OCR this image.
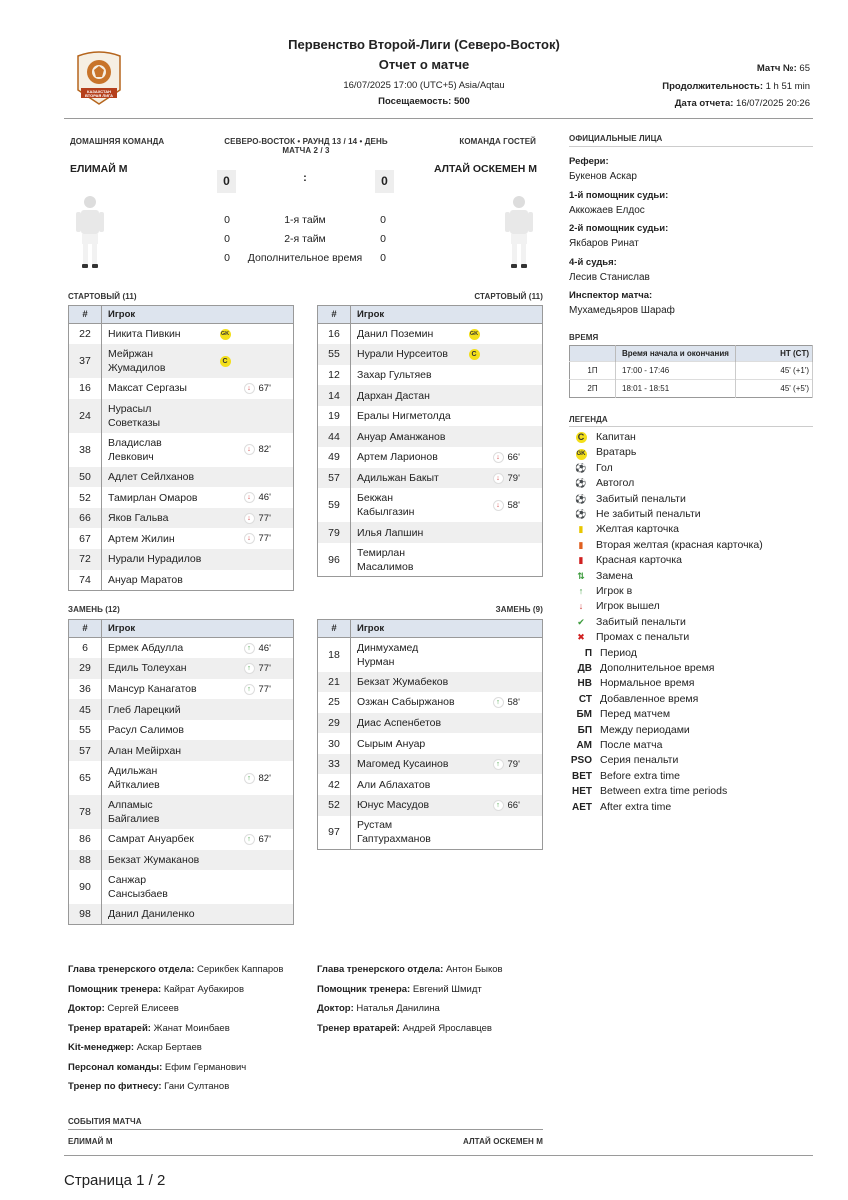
КАЗАХСТАН ВТОРАЯ ЛИГА
Первенство Второй-Лиги (Северо-Восток)
Отчет о матче
16/07/2025 17:00 (UTC+5) Asia/Aqtau
Посещаемость: 500
Матч №: 65
Продолжительность: 1 h 51 min
Дата отчета: 16/07/2025 20:26
ДОМАШНЯЯ КОМАНДА	СЕВЕРО-ВОСТОК • РАУНД 13 / 14 • ДЕНЬ МАТЧА 2 / 3
КОМАНДА ГОСТЕЙ
ЕЛИМАЙ М	АЛТАЙ ОСКЕМЕН М
0	:	0
0	1-я тайм	0
0	2-я тайм	0
0	Дополнительное время	0
СТАРТОВЫЙ (11)	СТАРТОВЫЙ (11)
ЗАМЕНЬ (12)	ЗАМЕНЬ (9)
#	Игрок		
22	Никита Пивкин	GK	
37	Мейржан Жумадилов	C	
16	Максат Сергазы		↓ 67'
24	Нурасыл Советказы		

38	Владислав Левкович		↓ 82'
50	Адлет Сейлханов		
52	Тамирлан Омаров		↓ 46'
66	Яков Гальва		↓ 77'
67	Артем Жилин		↓ 77'
72	Нурали Нурадилов		
74	Ануар Маратов		
#	Игрок		
16	Данил Поземин	GK	
55	Нурали Нурсеитов	C	
12	Захар Гультяев		
14	Дархан Дастан		
19	Ералы Нигметолда		
44	Ануар Аманжанов		
49	Артем Ларионов		↓ 66'
57	Адильжан Бакыт		↓ 79'
59	Бекжан Кабылгазин		↓ 58'
79	Илья Лапшин		
96	Темирлан Масалимов		

#	Игрок		
6	Ермек Абдулла		↑ 46'
29	Едиль Толеухан		↑ 77'
36	Мансур Канагатов		↑ 77'
45	Глеб Ларецкий		
55	Расул Салимов		
57	Алан Мейірхан		
65	Адильжан Айткалиев		↑ 82'
78	Алпамыс Байгалиев		

86	Самрат Ануарбек		↑ 67'
88	Бекзат Жумаканов		
90	Санжар Сансызбаев		

98	Данил Даниленко		
#	Игрок		
18	Динмухамед Нурман		

21	Бекзат Жумабеков		
25	Озжан Сабыржанов		↑ 58'
29	Диас Аспенбетов		
30	Сырым Ануар		
33	Магомед Кусаинов		↑ 79'
42	Али Аблахатов		
52	Юнус Масудов		↑ 66'
97	Рустам Гаптурахманов		

ОФИЦИАЛЬНЫЕ ЛИЦА
Рефери:
Букенов Аскар
1-й помощник судьи:
Аккожаев Елдос
2-й помощник судьи:
Якбаров Ринат
4-й судья:
Лесив Станислав
Инспектор матча:
Мухамедьяров Шараф
ВРЕМЯ
	Время начала и окончания	HT (CT)
1П	17:00 - 17:46	45' (+1')
2П	18:01 - 18:51	45' (+5')
ЛЕГЕНДА
C Капитан
GK Вратарь
⚽ Гол
⚽ Автогол
⚽ Забитый пенальти
⚽ Не забитый пенальти
▮ Желтая карточка
▮ Вторая желтая (красная карточка)
▮ Красная карточка
⇅ Замена
↑ Игрок в
↓ Игрок вышел
✔ Забитый пенальти
✖ Промах с пенальти
П Период
ДВ Дополнительное время
НВ Нормальное время
СТ Добавленное время
БМ Перед матчем
БП Между периодами
АМ После матча
PSO Серия пенальти
BET Before extra time
HET Between extra time periods
AET After extra time
Глава тренерского отдела: Серикбек Каппаров
Помощник тренера: Кайрат Аубакиров
Доктор: Сергей Елисеев
Тренер вратарей: Жанат Моинбаев
Kit-менеджер: Аскар Бертаев
Персонал команды: Ефим Германович
Тренер по фитнесу: Гани Султанов
Глава тренерского отдела: Антон Быков
Помощник тренера: Евгений Шмидт
Доктор: Наталья Данилина
Тренер вратарей: Андрей Ярославцев
СОБЫТИЯ МАТЧА
ЕЛИМАЙ М	АЛТАЙ ОСКЕМЕН М
Страница 1 / 2
